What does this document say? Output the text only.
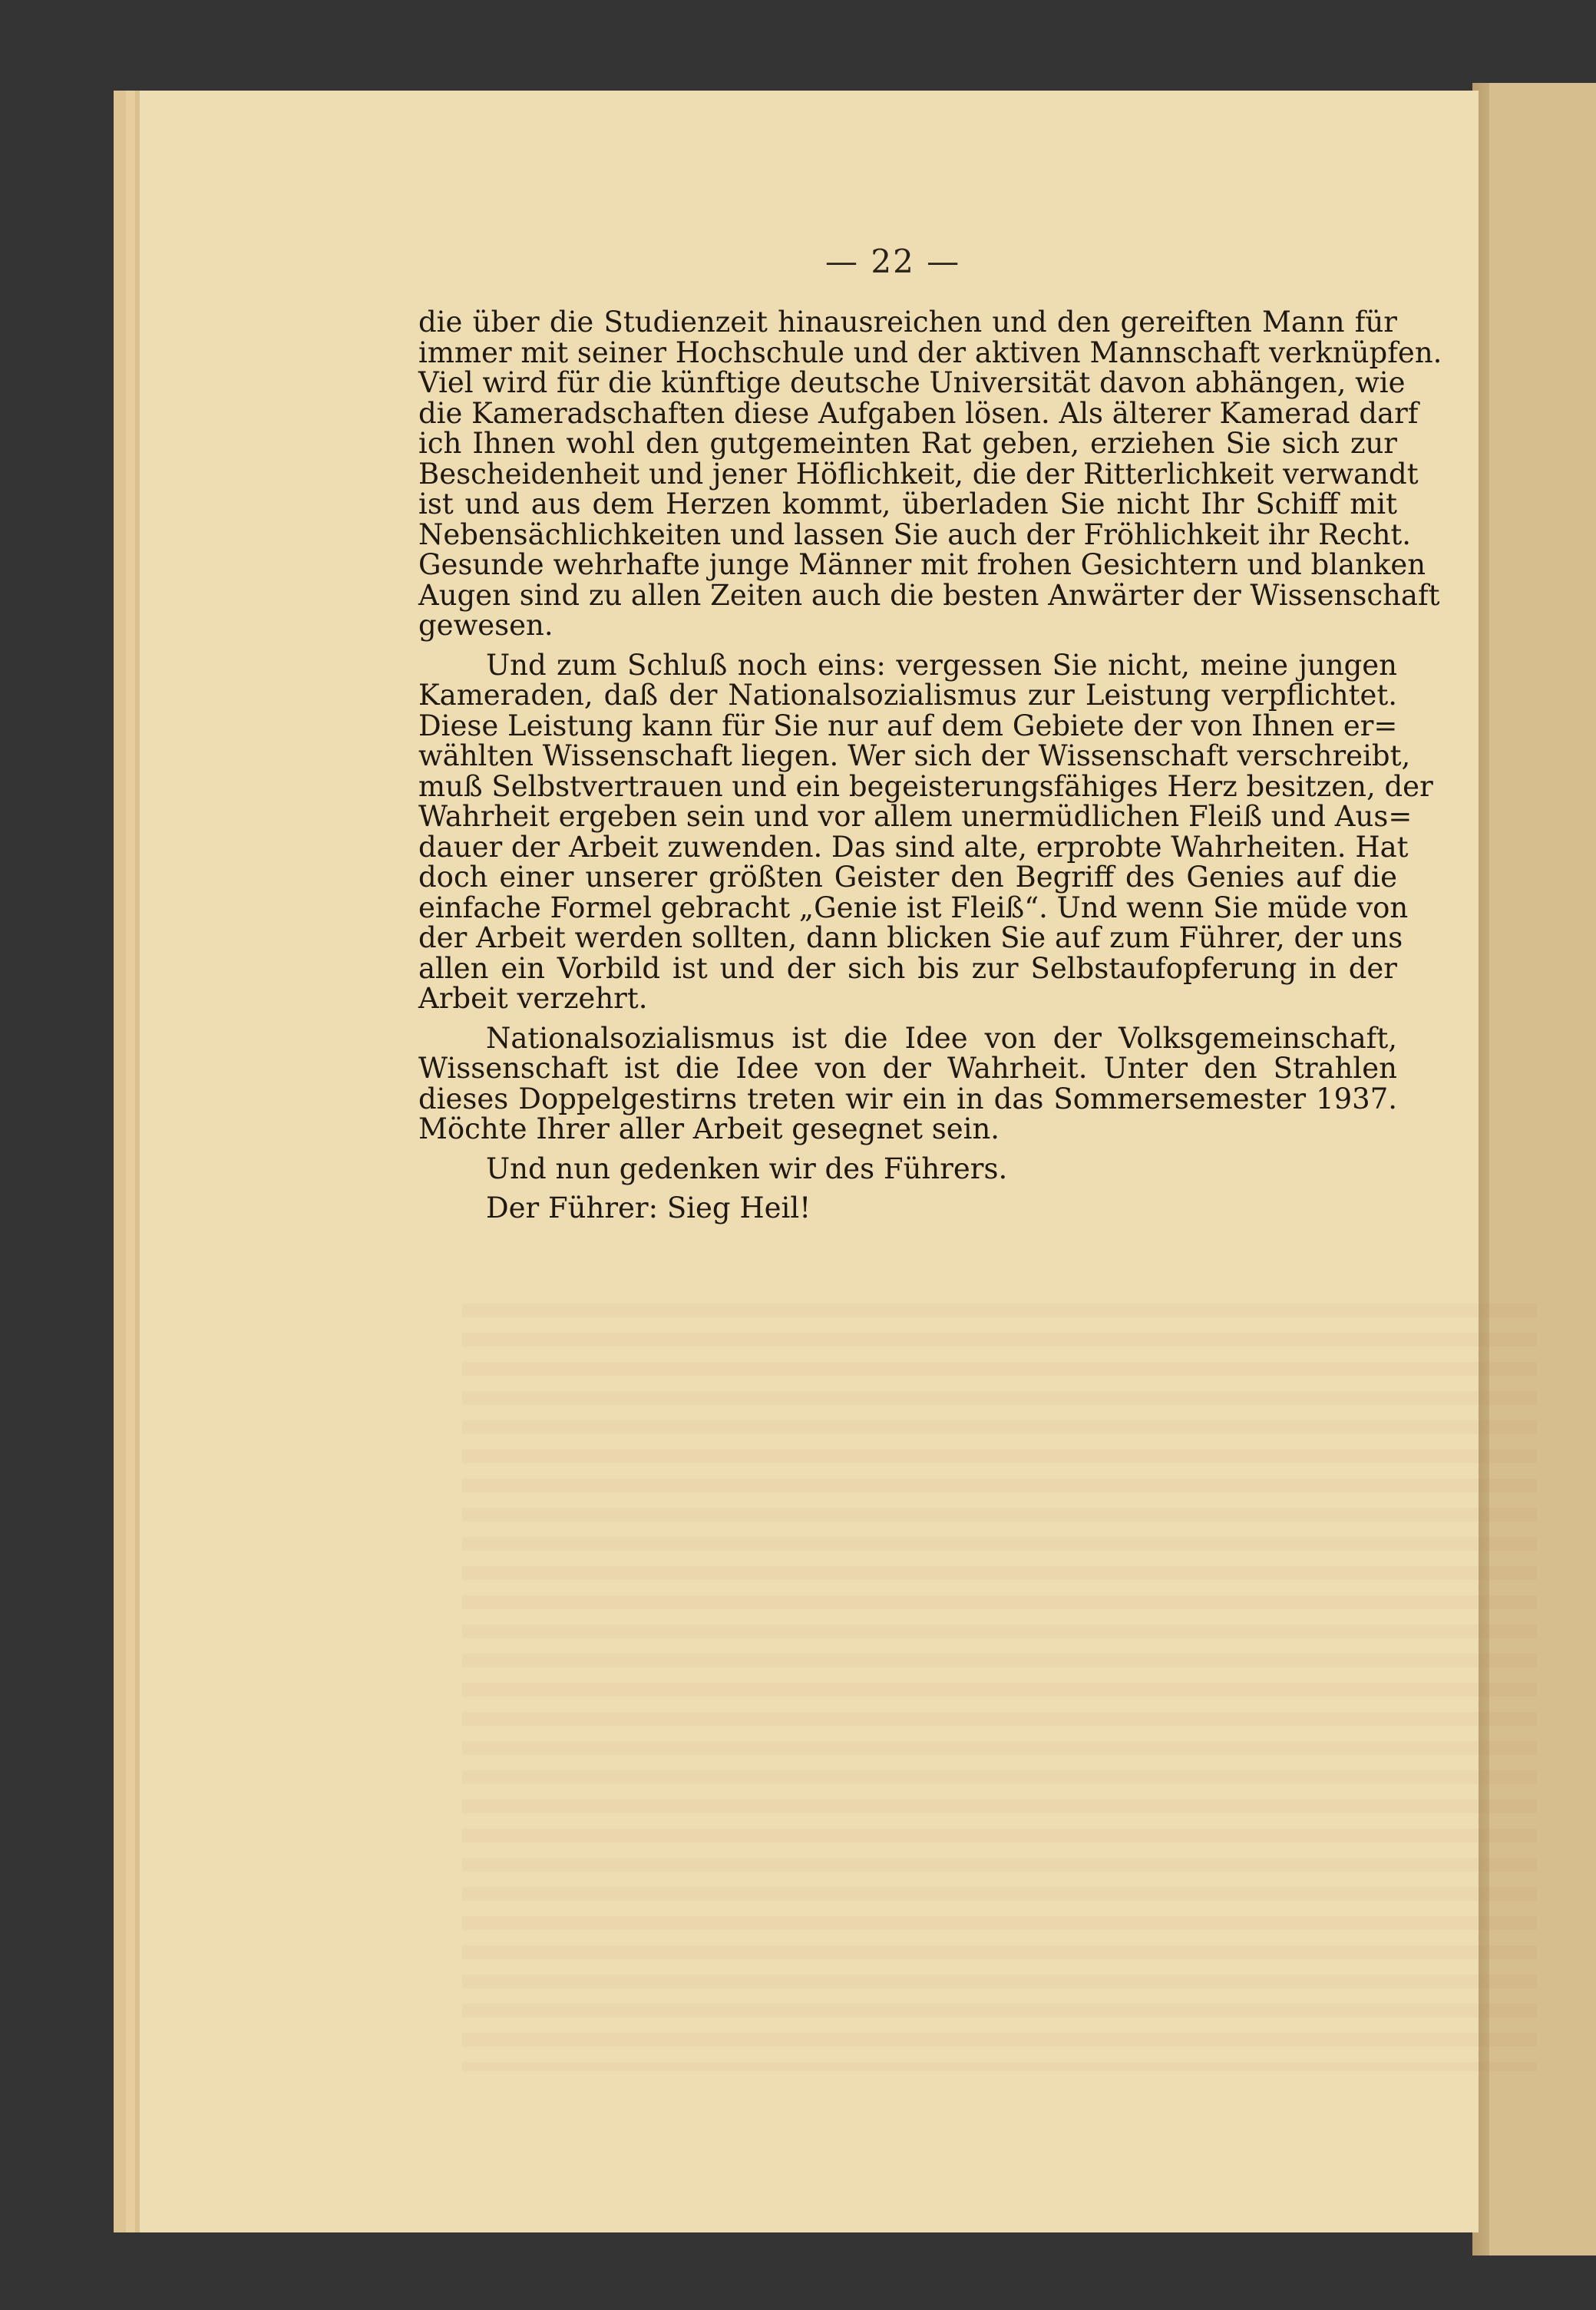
— 22 —
die über die Studienzeit hinausreichen und den gereiften Mann für
immer mit seiner Hochschule und der aktiven Mannschaft verknüpfen.
Viel wird für die künftige deutsche Universität davon abhängen, wie
die Kameradschaften diese Aufgaben lösen. Als älterer Kamerad darf
ich Ihnen wohl den gutgemeinten Rat geben, erziehen Sie sich zur
Bescheidenheit und jener Höflichkeit, die der Ritterlichkeit verwandt
ist und aus dem Herzen kommt, überladen Sie nicht Ihr Schiff mit
Nebensächlichkeiten und lassen Sie auch der Fröhlichkeit ihr Recht.
Gesunde wehrhafte junge Männer mit frohen Gesichtern und blanken
Augen sind zu allen Zeiten auch die besten Anwärter der Wissenschaft
gewesen.
Und zum Schluß noch eins: vergessen Sie nicht, meine jungen
Kameraden, daß der Nationalsozialismus zur Leistung verpflichtet.
Diese Leistung kann für Sie nur auf dem Gebiete der von Ihnen er=
wählten Wissenschaft liegen. Wer sich der Wissenschaft verschreibt,
muß Selbstvertrauen und ein begeisterungsfähiges Herz besitzen, der
Wahrheit ergeben sein und vor allem unermüdlichen Fleiß und Aus=
dauer der Arbeit zuwenden. Das sind alte, erprobte Wahrheiten. Hat
doch einer unserer größten Geister den Begriff des Genies auf die
einfache Formel gebracht „Genie ist Fleiß“. Und wenn Sie müde von
der Arbeit werden sollten, dann blicken Sie auf zum Führer, der uns
allen ein Vorbild ist und der sich bis zur Selbstaufopferung in der
Arbeit verzehrt.
Nationalsozialismus ist die Idee von der Volksgemeinschaft,
Wissenschaft ist die Idee von der Wahrheit. Unter den Strahlen
dieses Doppelgestirns treten wir ein in das Sommersemester 1937.
Möchte Ihrer aller Arbeit gesegnet sein.
Und nun gedenken wir des Führers.
Der Führer: Sieg Heil!
